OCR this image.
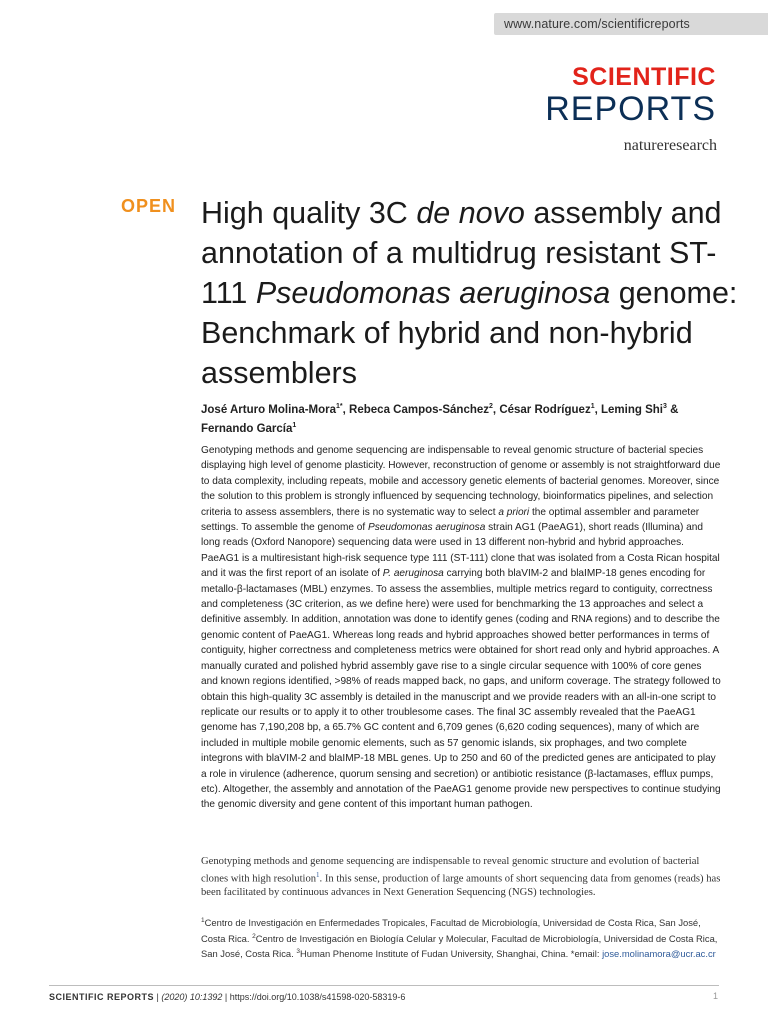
www.nature.com/scientificreports
SCIENTIFIC
REPORTS
natureresearch
OPEN High quality 3C de novo assembly and annotation of a multidrug resistant ST-111 Pseudomonas aeruginosa genome: Benchmark of hybrid and non-hybrid assemblers
José Arturo Molina-Mora$^{1*}$, Rebeca Campos-Sánchez$^2$, César Rodríguez$^1$, Leming Shi$^3$ &
Fernando García$^1$

Genotyping methods and genome sequencing are indispensable to reveal genomic structure of bacterial species displaying high level of genome plasticity. However, reconstruction of genome or assembly is not straightforward due to data complexity, including repeats, mobile and accessory genetic elements of bacterial genomes. Moreover, since the solution to this problem is strongly influenced by sequencing technology, bioinformatics pipelines, and selection criteria to assess assemblers, there is no systematic way to select a priori the optimal assembler and parameter settings. To assemble the genome of Pseudomonas aeruginosa strain AG1 (PaeAG1), short reads (Illumina) and long reads (Oxford Nanopore) sequencing data were used in 13 different non-hybrid and hybrid approaches. PaeAG1 is a multiresistant high-risk sequence type 111 (ST-111) clone that was isolated from a Costa Rican hospital and it was the first report of an isolate of P. aeruginosa carrying both blaVIM-2 and blaIMP-18 genes encoding for metallo-β-lactamases (MBL) enzymes. To assess the assemblies, multiple metrics regard to contiguity, correctness and completeness (3C criterion, as we define here) were used for benchmarking the 13 approaches and select a definitive assembly. In addition, annotation was done to identify genes (coding and RNA regions) and to describe the genomic content of PaeAG1. Whereas long reads and hybrid approaches showed better performances in terms of contiguity, higher correctness and completeness metrics were obtained for short read only and hybrid approaches. A manually curated and polished hybrid assembly gave rise to a single circular sequence with 100% of core genes and known regions identified, >98% of reads mapped back, no gaps, and uniform coverage. The strategy followed to obtain this high-quality 3C assembly is detailed in the manuscript and we provide readers with an all-in-one script to replicate our results or to apply it to other troublesome cases. The final 3C assembly revealed that the PaeAG1 genome has 7,190,208 bp, a 65.7% GC content and 6,709 genes (6,620 coding sequences), many of which are included in multiple mobile genomic elements, such as 57 genomic islands, six prophages, and two complete integrons with blaVIM-2 and blaIMP-18 MBL genes. Up to 250 and 60 of the predicted genes are anticipated to play a role in virulence (adherence, quorum sensing and secretion) or antibiotic resistance (β-lactamases, efflux pumps, etc). Altogether, the assembly and annotation of the PaeAG1 genome provide new perspectives to continue studying the genomic diversity and gene content of this important human pathogen.

Genotyping methods and genome sequencing are indispensable to reveal genomic structure and evolution of bacterial clones with high resolution$^1$. In this sense, production of large amounts of short sequencing data from genomes (reads) has been facilitated by continuous advances in Next Generation Sequencing (NGS) technologies.

$^1$Centro de Investigación en Enfermedades Tropicales, Facultad de Microbiología, Universidad de Costa Rica, San José, Costa Rica. $^2$Centro de Investigación en Biología Celular y Molecular, Facultad de Microbiología, Universidad de Costa Rica, San José, Costa Rica. $^3$Human Phenome Institute of Fudan University, Shanghai, China. *email: jose.molinamora@ucr.ac.cr

SCIENTIFIC REPORTS | (2020) 10:1392 | https://doi.org/10.1038/s41598-020-58319-6	1
